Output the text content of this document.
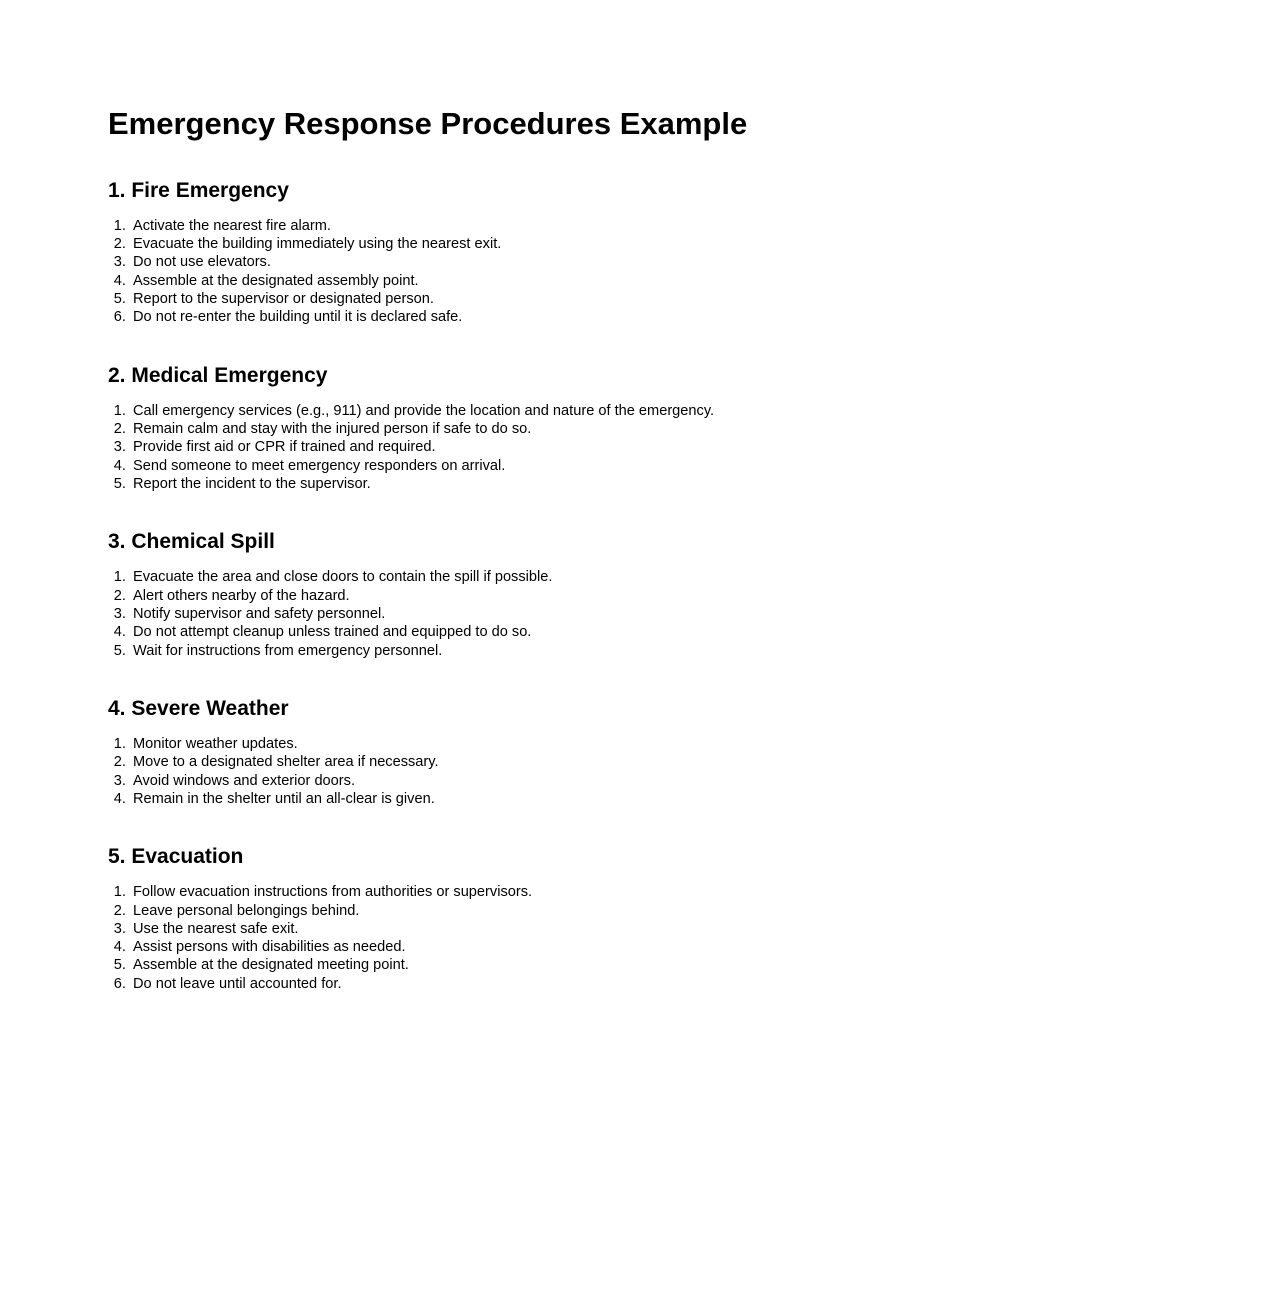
Emergency Response Procedures Example
1. Fire Emergency
1. Activate the nearest fire alarm.
2. Evacuate the building immediately using the nearest exit.
3. Do not use elevators.
4. Assemble at the designated assembly point.
5. Report to the supervisor or designated person.
6. Do not re-enter the building until it is declared safe.
2. Medical Emergency
1. Call emergency services (e.g., 911) and provide the location and nature of the emergency.
2. Remain calm and stay with the injured person if safe to do so.
3. Provide first aid or CPR if trained and required.
4. Send someone to meet emergency responders on arrival.
5. Report the incident to the supervisor.
3. Chemical Spill
1. Evacuate the area and close doors to contain the spill if possible.
2. Alert others nearby of the hazard.
3. Notify supervisor and safety personnel.
4. Do not attempt cleanup unless trained and equipped to do so.
5. Wait for instructions from emergency personnel.
4. Severe Weather
1. Monitor weather updates.
2. Move to a designated shelter area if necessary.
3. Avoid windows and exterior doors.
4. Remain in the shelter until an all-clear is given.
5. Evacuation
1. Follow evacuation instructions from authorities or supervisors.
2. Leave personal belongings behind.
3. Use the nearest safe exit.
4. Assist persons with disabilities as needed.
5. Assemble at the designated meeting point.
6. Do not leave until accounted for.
